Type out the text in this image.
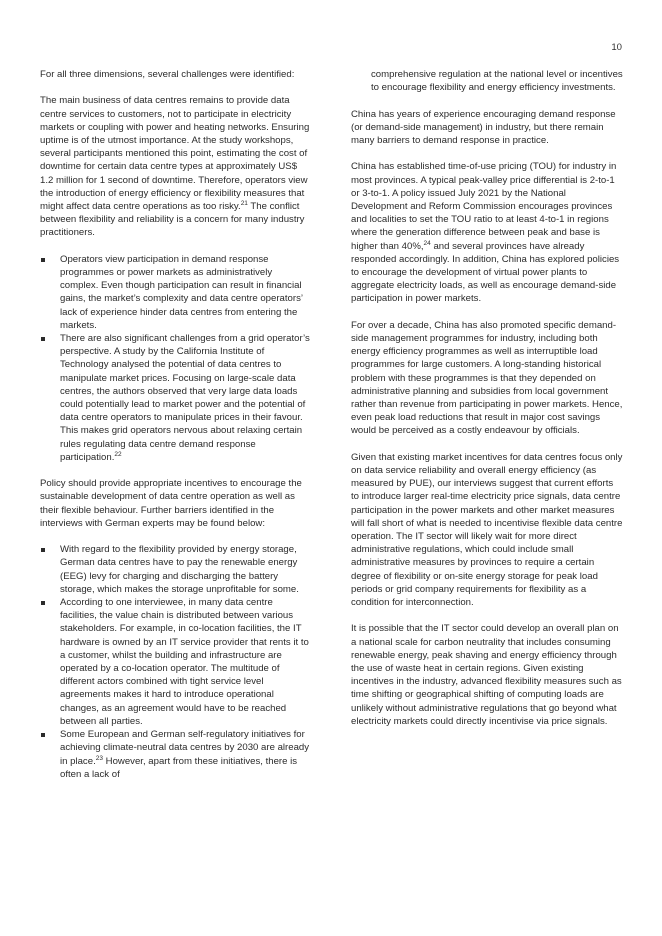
10

For all three dimensions, several challenges were identified:

The main business of data centres remains to provide data centre services to customers, not to participate in electricity markets or coupling with power and heating networks. Ensuring uptime is of the utmost importance. At the study workshops, several participants mentioned this point, estimating the cost of downtime for certain data centre types at approximately US$ 1.2 million for 1 second of downtime. Therefore, operators view the introduction of energy efficiency or flexibility measures that might affect data centre operations as too risky.$^{21}$ The conflict between flexibility and reliability is a concern for many industry practitioners.

Operators view participation in demand response programmes or power markets as administratively complex. Even though participation can result in financial gains, the market’s complexity and data centre operators’ lack of experience hinder data centres from entering the markets.
There are also significant challenges from a grid operator’s perspective. A study by the California Institute of Technology analysed the potential of data centres to manipulate market prices. Focusing on large-scale data centres, the authors observed that very large data loads could potentially lead to market power and the potential of data centre operators to manipulate prices in their favour. This makes grid operators nervous about relaxing certain rules regulating data centre demand response participation.$^{22}$

Policy should provide appropriate incentives to encourage the sustainable development of data centre operation as well as their flexible behaviour. Further barriers identified in the interviews with German experts may be found below:

With regard to the flexibility provided by energy storage, German data centres have to pay the renewable energy (EEG) levy for charging and discharging the battery storage, which makes the storage unprofitable for some.
According to one interviewee, in many data centre facilities, the value chain is distributed between various stakeholders. For example, in co-location facilities, the IT hardware is owned by an IT service provider that rents it to a customer, whilst the building and infrastructure are operated by a co-location operator. The multitude of different actors combined with tight service level agreements makes it hard to introduce operational changes, as an agreement would have to be reached between all parties.
Some European and German self-regulatory initiatives for achieving climate-neutral data centres by 2030 are already in place.$^{23}$ However, apart from these initiatives, there is often a lack of

comprehensive regulation at the national level or incentives to encourage flexibility and energy efficiency investments.

China has years of experience encouraging demand response (or demand-side management) in industry, but there remain many barriers to demand response in practice.

China has established time-of-use pricing (TOU) for industry in most provinces. A typical peak-valley price differential is 2-to-1 or 3-to-1. A policy issued July 2021 by the National Development and Reform Commission encourages provinces and localities to set the TOU ratio to at least 4-to-1 in regions where the generation difference between peak and base is higher than 40%,$^{24}$ and several provinces have already responded accordingly. In addition, China has explored policies to encourage the development of virtual power plants to aggregate electricity loads, as well as encourage demand-side participation in power markets.

For over a decade, China has also promoted specific demand-side management programmes for industry, including both energy efficiency programmes as well as interruptible load programmes for large customers. A long-standing historical problem with these programmes is that they depended on administrative planning and subsidies from local government rather than revenue from participating in power markets. Hence, even peak load reductions that result in major cost savings would be perceived as a costly endeavour by officials.

Given that existing market incentives for data centres focus only on data service reliability and overall energy efficiency (as measured by PUE), our interviews suggest that current efforts to introduce larger real-time electricity price signals, data centre participation in the power markets and other market measures will fall short of what is needed to incentivise flexible data centre operation. The IT sector will likely wait for more direct administrative regulations, which could include small administrative measures by provinces to require a certain degree of flexibility or on-site energy storage for peak load periods or grid company requirements for flexibility as a condition for interconnection.

It is possible that the IT sector could develop an overall plan on a national scale for carbon neutrality that includes consuming renewable energy, peak shaving and energy efficiency through the use of waste heat in certain regions. Given existing incentives in the industry, advanced flexibility measures such as time shifting or geographical shifting of computing loads are unlikely without administrative regulations that go beyond what electricity markets could directly incentivise via price signals.
